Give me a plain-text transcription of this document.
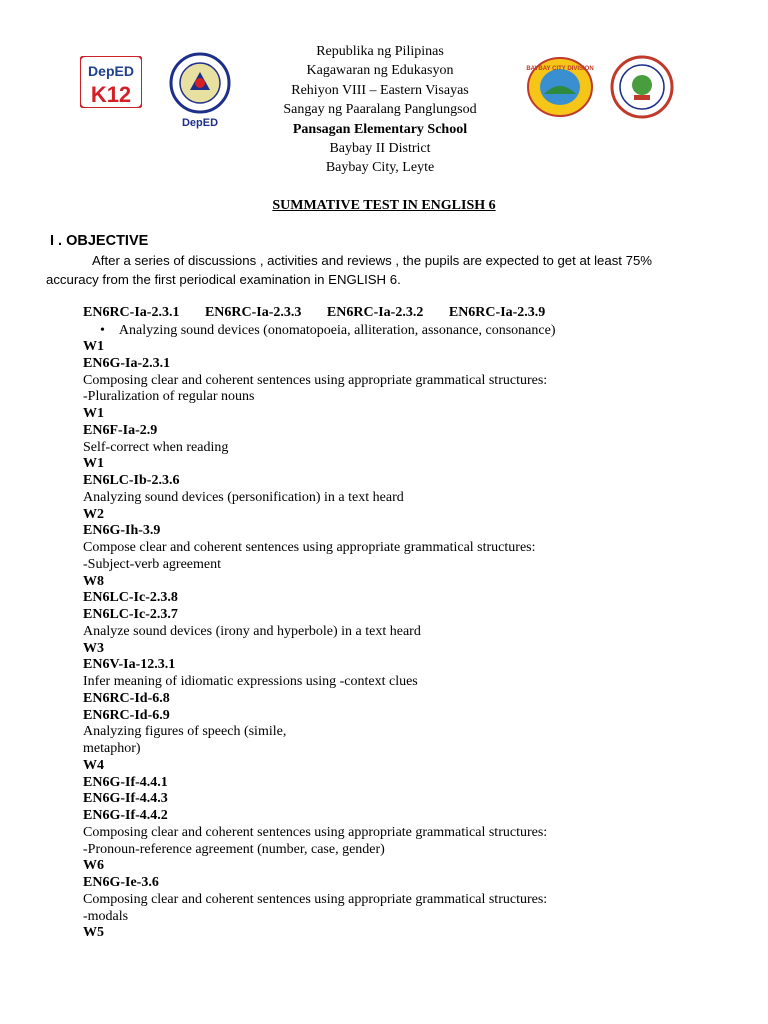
DepED
K12
DepED
BAYBAY CITY DIVISION
Republika ng Pilipinas
Kagawaran ng Edukasyon
Rehiyon VIII – Eastern Visayas
Sangay ng Paaralang Panglungsod
Pansagan Elementary School
Baybay II District
Baybay City, Leyte
SUMMATIVE TEST IN ENGLISH 6
I . OBJECTIVE
After a series of discussions , activities and reviews , the pupils are expected to get at least 75% accuracy from the first periodical examination in ENGLISH 6.
EN6RC-Ia-2.3.1 EN6RC-Ia-2.3.3 EN6RC-Ia-2.3.2 EN6RC-Ia-2.3.9
• Analyzing sound devices (onomatopoeia, alliteration, assonance, consonance)
W1
EN6G-Ia-2.3.1
Composing clear and coherent sentences using appropriate grammatical structures:
-Pluralization of regular nouns
W1
EN6F-Ia-2.9
Self-correct when reading
W1
EN6LC-Ib-2.3.6
Analyzing sound devices (personification) in a text heard
W2
EN6G-Ih-3.9
Compose clear and coherent sentences using appropriate grammatical structures:
-Subject-verb agreement
W8
EN6LC-Ic-2.3.8
EN6LC-Ic-2.3.7
Analyze sound devices (irony and hyperbole) in a text heard
W3
EN6V-Ia-12.3.1
Infer meaning of idiomatic expressions using -context clues
EN6RC-Id-6.8
EN6RC-Id-6.9
Analyzing figures of speech (simile,
metaphor)
W4
EN6G-If-4.4.1
EN6G-If-4.4.3
EN6G-If-4.4.2
Composing clear and coherent sentences using appropriate grammatical structures:
-Pronoun-reference agreement (number, case, gender)
W6
EN6G-Ie-3.6
Composing clear and coherent sentences using appropriate grammatical structures:
-modals
W5
